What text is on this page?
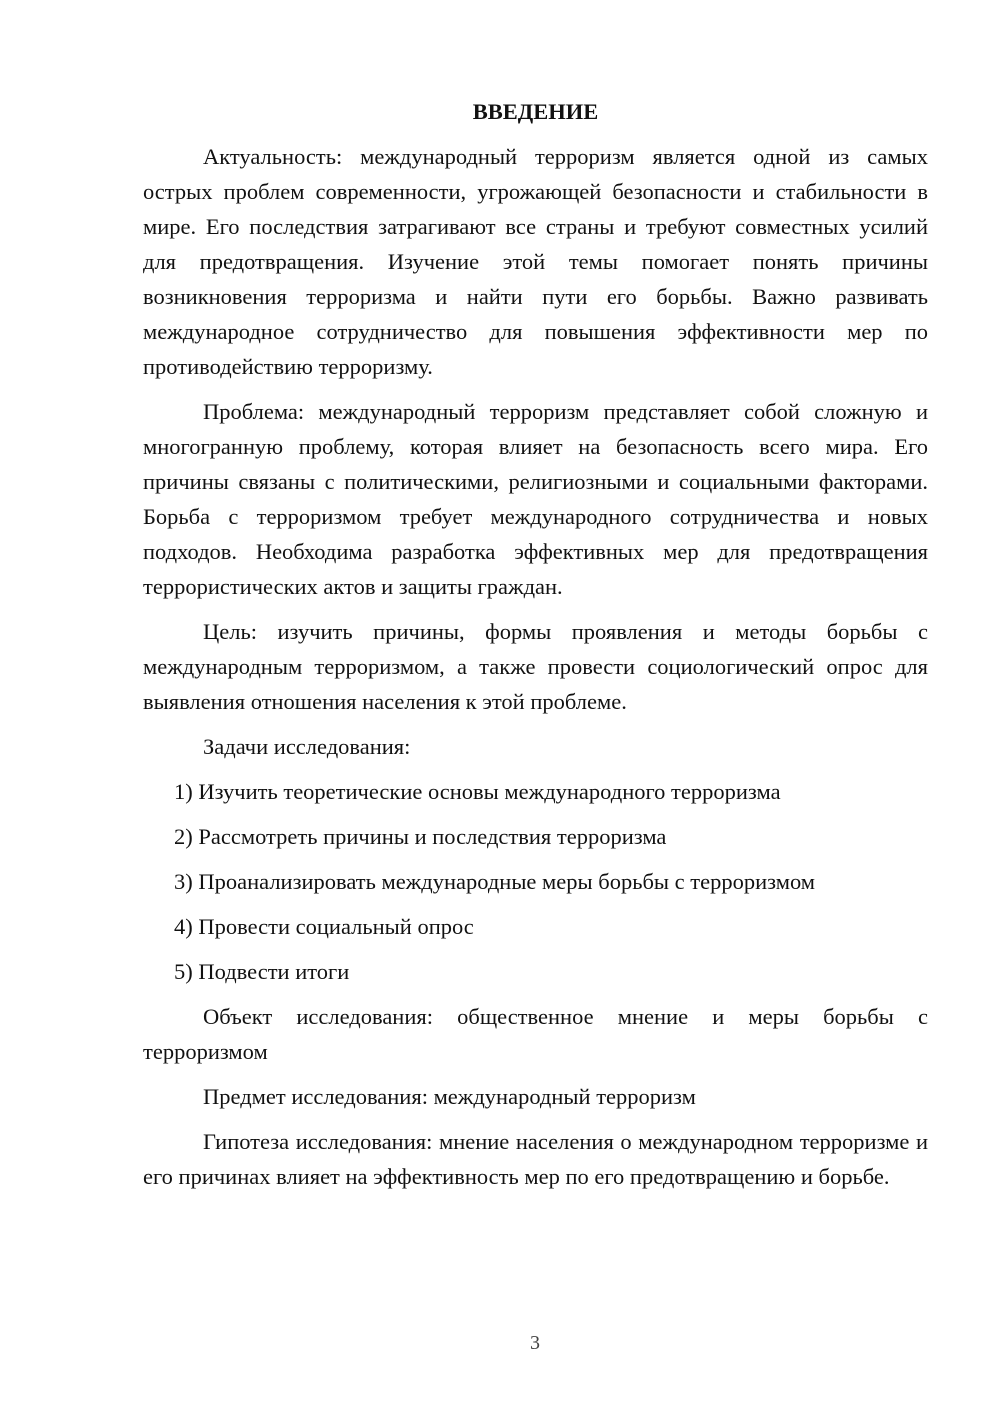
ВВЕДЕНИЕ

Актуальность: международный терроризм является одной из самых острых проблем современности, угрожающей безопасности и стабильности в мире. Его последствия затрагивают все страны и требуют совместных усилий для предотвращения. Изучение этой темы помогает понять причины возникновения терроризма и найти пути его борьбы. Важно развивать международное сотрудничество для повышения эффективности мер по противодействию терроризму.

Проблема: международный терроризм представляет собой сложную и многогранную проблему, которая влияет на безопасность всего мира. Его причины связаны с политическими, религиозными и социальными факторами. Борьба с терроризмом требует международного сотрудничества и новых подходов. Необходима разработка эффективных мер для предотвращения террористических актов и защиты граждан.

Цель: изучить причины, формы проявления и методы борьбы с международным терроризмом, а также провести социологический опрос для выявления отношения населения к этой проблеме.

Задачи исследования:

1) Изучить теоретические основы международного терроризма
2) Рассмотреть причины и последствия терроризма
3) Проанализировать международные меры борьбы с терроризмом
4) Провести социальный опрос
5) Подвести итоги

Объект исследования: общественное мнение и меры борьбы с терроризмом

Предмет исследования: международный терроризм

Гипотеза исследования: мнение населения о международном терроризме и его причинах влияет на эффективность мер по его предотвращению и борьбе.

3
